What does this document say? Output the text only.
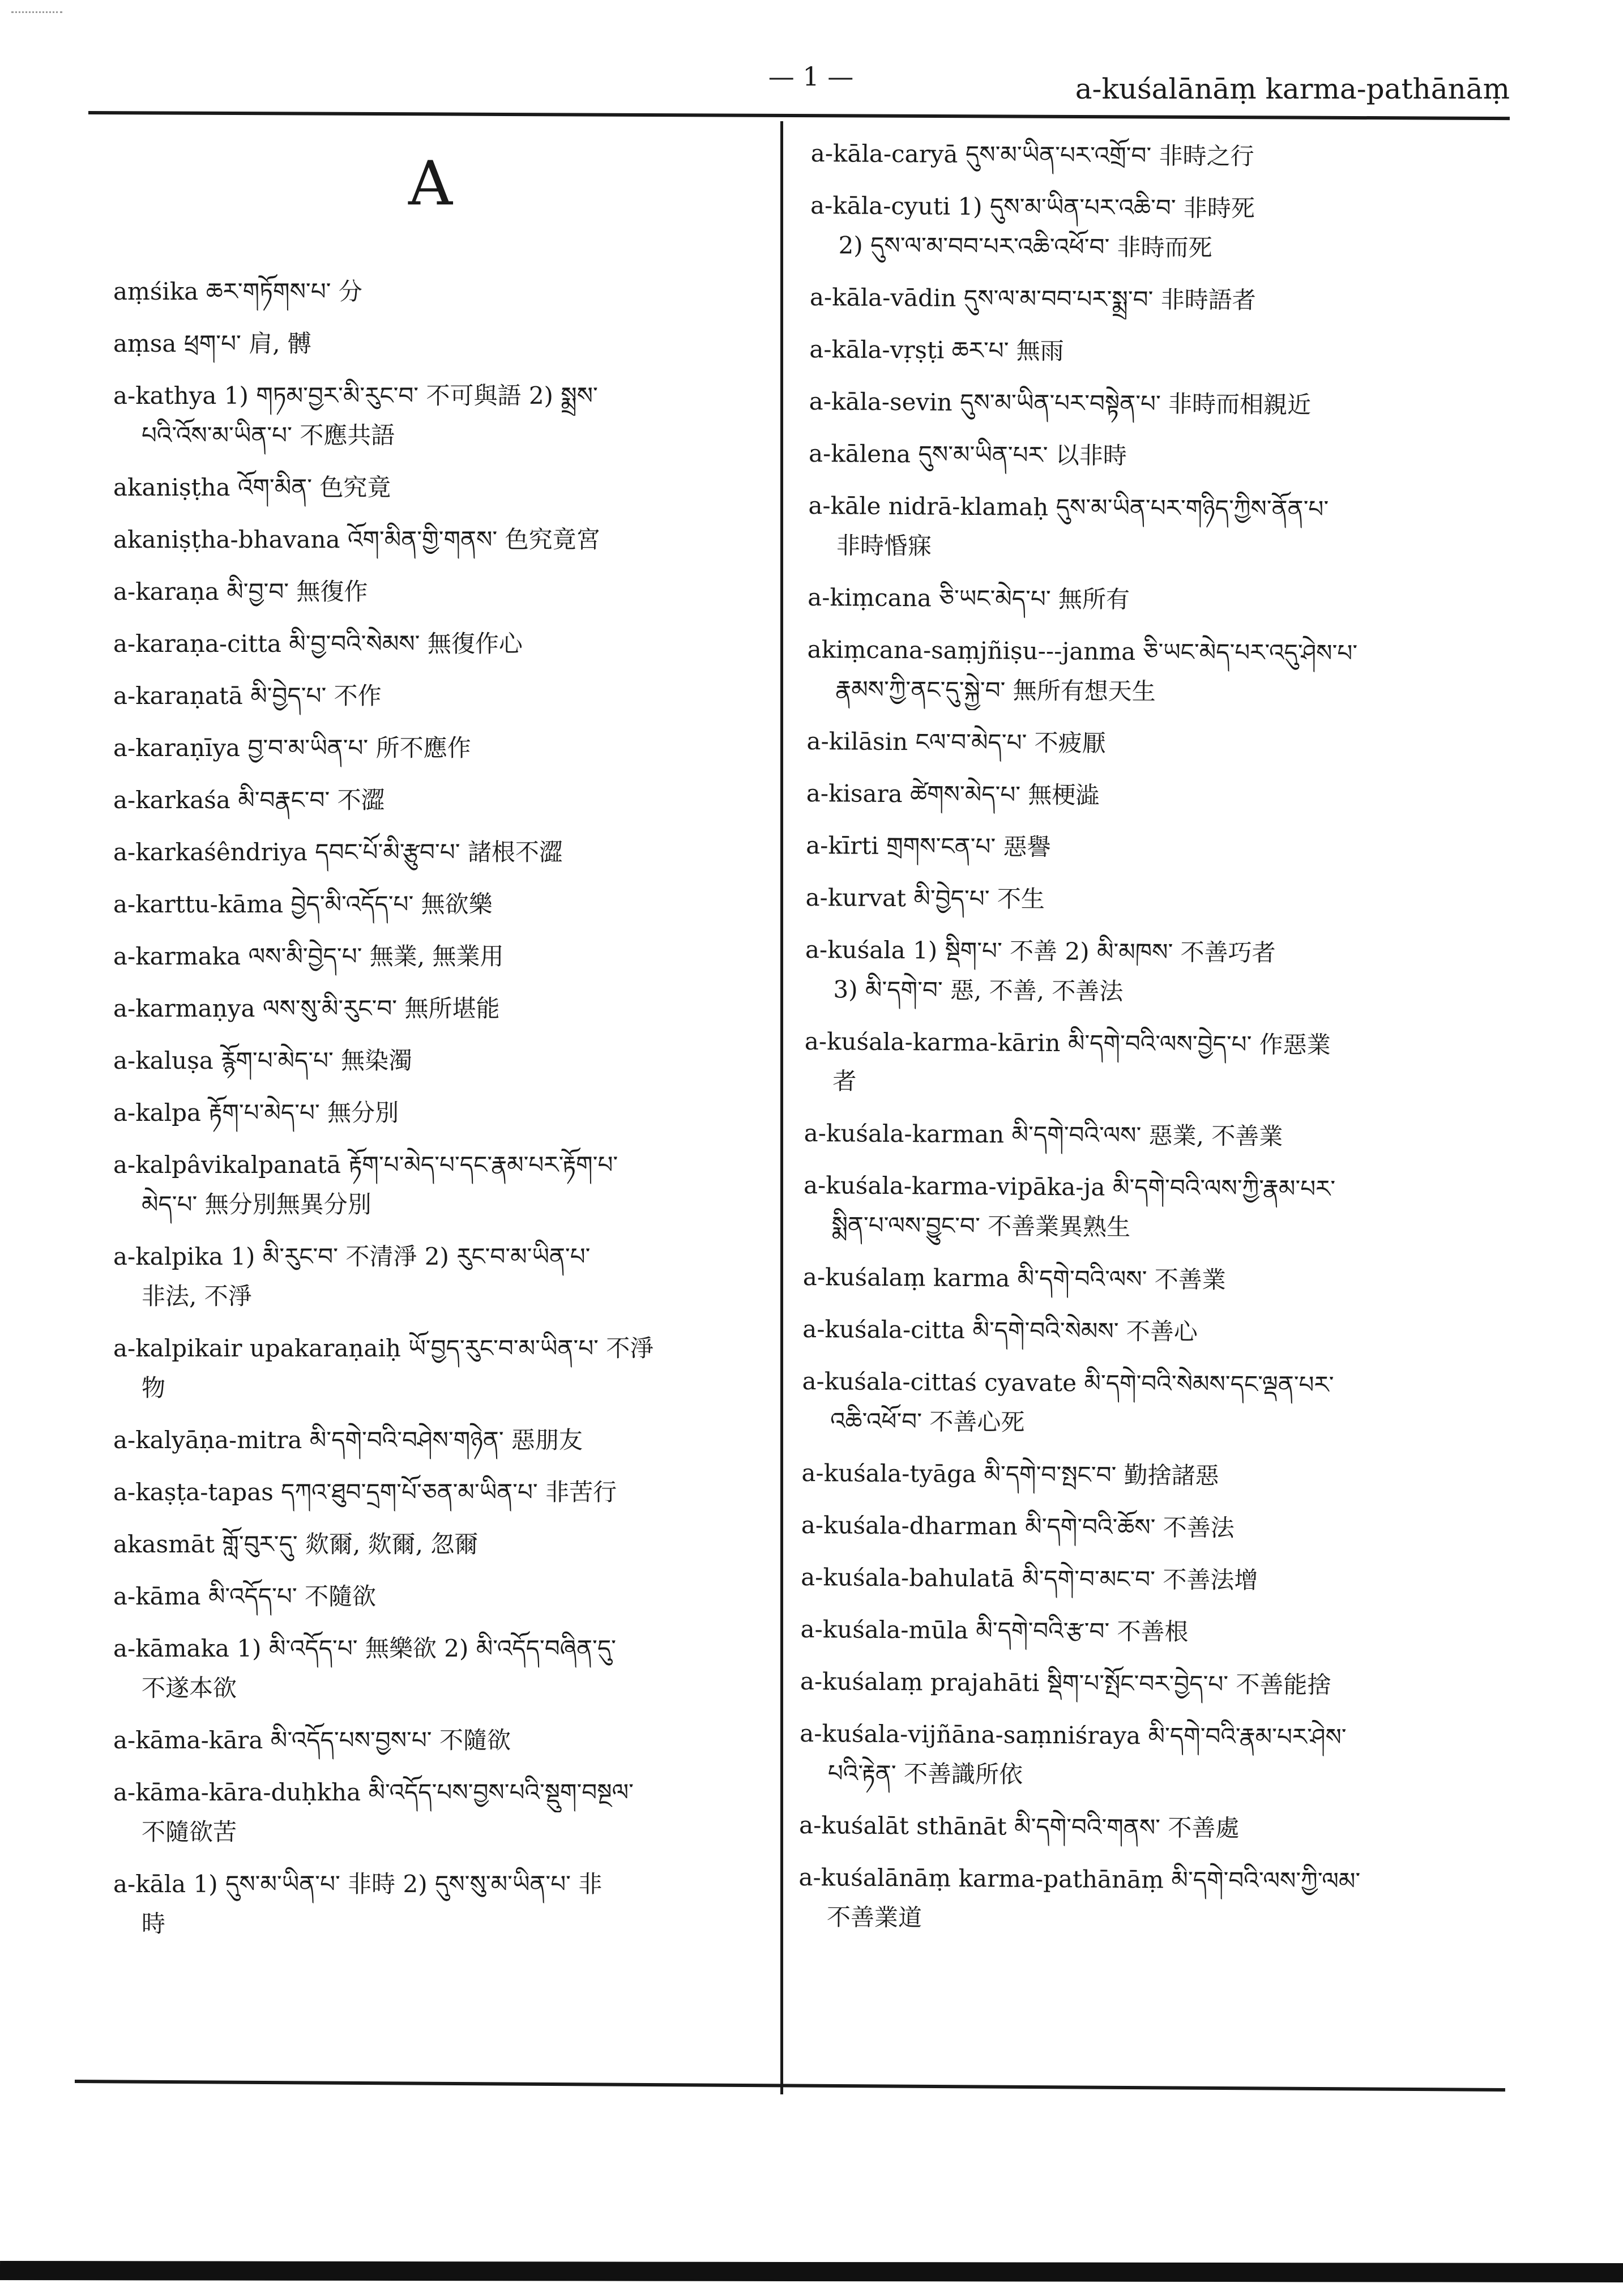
— 1 —	a-kuśalānāṃ karma-pathānāṃ
A
aṃśika ཆར་གཏོགས་པ་ 分
aṃsa ཕྲག་པ་ 肩, 髆
a-kathya 1) གཏམ་བྱར་མི་རུང་བ་ 不可與語 2) སྨྲས་
པའི་འོས་མ་ཡིན་པ་ 不應共語
akaniṣṭha འོག་མིན་ 色究竟
akaniṣṭha-bhavana འོག་མིན་གྱི་གནས་ 色究竟宮
a-karaṇa མི་བྱ་བ་ 無復作
a-karaṇa-citta མི་བྱ་བའི་སེམས་ 無復作心
a-karaṇatā མི་བྱེད་པ་ 不作
a-karaṇīya བྱ་བ་མ་ཡིན་པ་ 所不應作
a-karkaśa མི་བརྣང་བ་ 不澀
a-karkaśêndriya དབང་པོ་མི་རྩུབ་པ་ 諸根不澀
a-karttu-kāma བྱེད་མི་འདོད་པ་ 無欲樂
a-karmaka ལས་མི་བྱེད་པ་ 無業, 無業用
a-karmaṇya ལས་སུ་མི་རུང་བ་ 無所堪能
a-kaluṣa རྙོག་པ་མེད་པ་ 無染濁
a-kalpa རྟོག་པ་མེད་པ་ 無分別
a-kalpâvikalpanatā རྟོག་པ་མེད་པ་དང་རྣམ་པར་རྟོག་པ་
མེད་པ་ 無分別無異分別
a-kalpika 1) མི་རུང་བ་ 不清淨 2) རུང་བ་མ་ཡིན་པ་
非法, 不淨
a-kalpikair upakaraṇaiḥ ཡོ་བྱད་རུང་བ་མ་ཡིན་པ་ 不淨
物
a-kalyāṇa-mitra མི་དགེ་བའི་བཤེས་གཉེན་ 惡朋友
a-kaṣṭa-tapas དཀའ་ཐུབ་དྲག་པོ་ཅན་མ་ཡིན་པ་ 非苦行
akasmāt གློ་བུར་དུ་ 欻爾, 欻爾, 忽爾
a-kāma མི་འདོད་པ་ 不隨欲
a-kāmaka 1) མི་འདོད་པ་ 無樂欲 2) མི་འདོད་བཞིན་དུ་
不遂本欲
a-kāma-kāra མི་འདོད་པས་བྱས་པ་ 不隨欲
a-kāma-kāra-duḥkha མི་འདོད་པས་བྱས་པའི་སྡུག་བསྔལ་
不隨欲苦
a-kāla 1) དུས་མ་ཡིན་པ་ 非時 2) དུས་སུ་མ་ཡིན་པ་ 非
時
a-kāla-caryā དུས་མ་ཡིན་པར་འགྲོ་བ་ 非時之行
a-kāla-cyuti 1) དུས་མ་ཡིན་པར་འཆི་བ་ 非時死
2) དུས་ལ་མ་བབ་པར་འཆི་འཕོ་བ་ 非時而死
a-kāla-vādin དུས་ལ་མ་བབ་པར་སྨྲ་བ་ 非時語者
a-kāla-vṛṣṭi ཆར་པ་ 無雨
a-kāla-sevin དུས་མ་ཡིན་པར་བསྟེན་པ་ 非時而相親近
a-kālena དུས་མ་ཡིན་པར་ 以非時
a-kāle nidrā-klamaḥ དུས་མ་ཡིན་པར་གཉིད་ཀྱིས་ནོན་པ་
非時惛寐
a-kiṃcana ཅི་ཡང་མེད་པ་ 無所有
akiṃcana-saṃjñiṣu---janma ཅི་ཡང་མེད་པར་འདུ་ཤེས་པ་
རྣམས་ཀྱི་ནང་དུ་སྐྱེ་བ་ 無所有想天生
a-kilāsin ངལ་བ་མེད་པ་ 不疲厭
a-kisara ཚེགས་མེད་པ་ 無梗澁
a-kīrti གྲགས་ངན་པ་ 惡譽
a-kurvat མི་བྱེད་པ་ 不生
a-kuśala 1) སྡིག་པ་ 不善 2) མི་མཁས་ 不善巧者
3) མི་དགེ་བ་ 惡, 不善, 不善法
a-kuśala-karma-kārin མི་དགེ་བའི་ལས་བྱེད་པ་ 作惡業
者
a-kuśala-karman མི་དགེ་བའི་ལས་ 惡業, 不善業
a-kuśala-karma-vipāka-ja མི་དགེ་བའི་ལས་ཀྱི་རྣམ་པར་
སྨིན་པ་ལས་བྱུང་བ་ 不善業異熟生
a-kuśalaṃ karma མི་དགེ་བའི་ལས་ 不善業
a-kuśala-citta མི་དགེ་བའི་སེམས་ 不善心
a-kuśala-cittaś cyavate མི་དགེ་བའི་སེམས་དང་ལྡན་པར་
འཆི་འཕོ་བ་ 不善心死
a-kuśala-tyāga མི་དགེ་བ་སྤང་བ་ 勤捨諸惡
a-kuśala-dharman མི་དགེ་བའི་ཆོས་ 不善法
a-kuśala-bahulatā མི་དགེ་བ་མང་བ་ 不善法增
a-kuśala-mūla མི་དགེ་བའི་རྩ་བ་ 不善根
a-kuśalaṃ prajahāti སྡིག་པ་སྤོང་བར་བྱེད་པ་ 不善能捨
a-kuśala-vijñāna-saṃniśraya མི་དགེ་བའི་རྣམ་པར་ཤེས་
པའི་རྟེན་ 不善識所依
a-kuśalāt sthānāt མི་དགེ་བའི་གནས་ 不善處
a-kuśalānāṃ karma-pathānāṃ མི་དགེ་བའི་ལས་ཀྱི་ལམ་
不善業道
